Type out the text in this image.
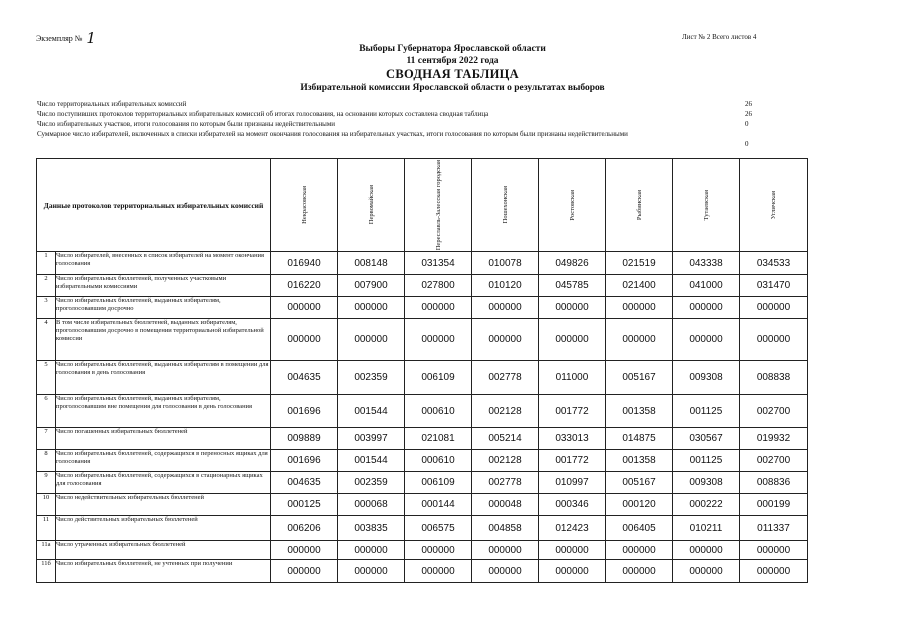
Экземпляр № 1	Лист № 2 Всего листов 4
Выборы Губернатора Ярославской области
11 сентября 2022 года
СВОДНАЯ ТАБЛИЦА
Избирательной комиссии Ярославской области о результатах выборов
Число территориальных избирательных комиссий	26
Число поступивших протоколов территориальных избирательных комиссий об итогах голосования, на основании которых составлена сводная таблица	26
Число избирательных участков, итоги голосования по которым были признаны недействительными	0
Суммарное число избирателей, включенных в списки избирателей на момент окончания голосования на избирательных участках, итоги голосования по которым были признаны недействительными
0
Данные протоколов территориальных избирательных комиссий		Некрасовская	Первомайская	Переславль-Залесская городская	Пошехонская	Ростовская	Рыбинская	Тутаевская	Угличская

1	Число избирателей, внесенных в список избирателей на момент окончания голосования	016940	008148	031354	010078	049826	021519	043338	034533
2	Число избирательных бюллетеней, полученных участковыми избирательными комиссиями	016220	007900	027800	010120	045785	021400	041000	031470
3	Число избирательных бюллетеней, выданных избирателям, проголосовавшим досрочно	000000	000000	000000	000000	000000	000000	000000	000000
4	В том числе избирательных бюллетеней, выданных избирателям, проголосовавшим досрочно в помещении территориальной избирательной комиссии	000000	000000	000000	000000	000000	000000	000000	000000
5	Число избирательных бюллетеней, выданных избирателям в помещении для голосования в день голосования	004635	002359	006109	002778	011000	005167	009308	008838
6	Число избирательных бюллетеней, выданных избирателям, проголосовавшим вне помещения для голосования в день голосования	001696	001544	000610	002128	001772	001358	001125	002700
7	Число погашенных избирательных бюллетеней	009889	003997	021081	005214	033013	014875	030567	019932
8	Число избирательных бюллетеней, содержащихся в переносных ящиках для голосования	001696	001544	000610	002128	001772	001358	001125	002700
9	Число избирательных бюллетеней, содержащихся в стационарных ящиках для голосования	004635	002359	006109	002778	010997	005167	009308	008836
10	Число недействительных избирательных бюллетеней	000125	000068	000144	000048	000346	000120	000222	000199
11	Число действительных избирательных бюллетеней	006206	003835	006575	004858	012423	006405	010211	011337
11а	Число утраченных избирательных бюллетеней	000000	000000	000000	000000	000000	000000	000000	000000
11б	Число избирательных бюллетеней, не учтенных при получении	000000	000000	000000	000000	000000	000000	000000	000000
